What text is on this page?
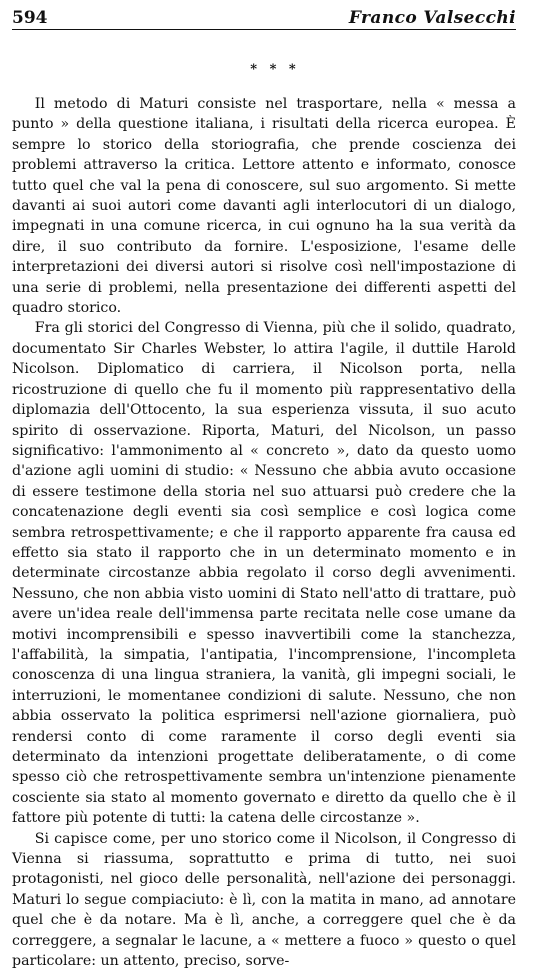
594	Franco Valsecchi
* * *

Il metodo di Maturi consiste nel trasportare, nella « messa a punto » della questione italiana, i risultati della ricerca europea. È sempre lo storico della storiografia, che prende coscienza dei problemi attraverso la critica. Lettore attento e informato, conosce tutto quel che val la pena di conoscere, sul suo argomento. Si mette davanti ai suoi autori come davanti agli interlocutori di un dialogo, impegnati in una comune ricerca, in cui ognuno ha la sua verità da dire, il suo contributo da fornire. L'esposizione, l'esame delle interpretazioni dei diversi autori si risolve così nell'impostazione di una serie di problemi, nella presentazione dei differenti aspetti del quadro storico.

Fra gli storici del Congresso di Vienna, più che il solido, quadrato, documentato Sir Charles Webster, lo attira l'agile, il duttile Harold Nicolson. Diplomatico di carriera, il Nicolson porta, nella ricostruzione di quello che fu il momento più rappresentativo della diplomazia dell'Ottocento, la sua esperienza vissuta, il suo acuto spirito di osservazione. Riporta, Maturi, del Nicolson, un passo significativo: l'ammonimento al « concreto », dato da questo uomo d'azione agli uomini di studio: « Nessuno che abbia avuto occasione di essere testimone della storia nel suo attuarsi può credere che la concatenazione degli eventi sia così semplice e così logica come sembra retrospettivamente; e che il rapporto apparente fra causa ed effetto sia stato il rapporto che in un determinato momento e in determinate circostanze abbia regolato il corso degli avvenimenti. Nessuno, che non abbia visto uomini di Stato nell'atto di trattare, può avere un'idea reale dell'immensa parte recitata nelle cose umane da motivi incomprensibili e spesso inavvertibili come la stanchezza, l'affabilità, la simpatia, l'antipatia, l'incomprensione, l'incompleta conoscenza di una lingua straniera, la vanità, gli impegni sociali, le interruzioni, le momentanee condizioni di salute. Nessuno, che non abbia osservato la politica esprimersi nell'azione giornaliera, può rendersi conto di come raramente il corso degli eventi sia determinato da intenzioni progettate deliberatamente, o di come spesso ciò che retrospettivamente sembra un'intenzione pienamente cosciente sia stato al momento governato e diretto da quello che è il fattore più potente di tutti: la catena delle circostanze ».

Si capisce come, per uno storico come il Nicolson, il Congresso di Vienna si riassuma, soprattutto e prima di tutto, nei suoi protagonisti, nel gioco delle personalità, nell'azione dei personaggi. Maturi lo segue compiaciuto: è lì, con la matita in mano, ad annotare quel che è da notare. Ma è lì, anche, a correggere quel che è da correggere, a segnalar le lacune, a « mettere a fuoco » questo o quel particolare: un attento, preciso, sorve-
